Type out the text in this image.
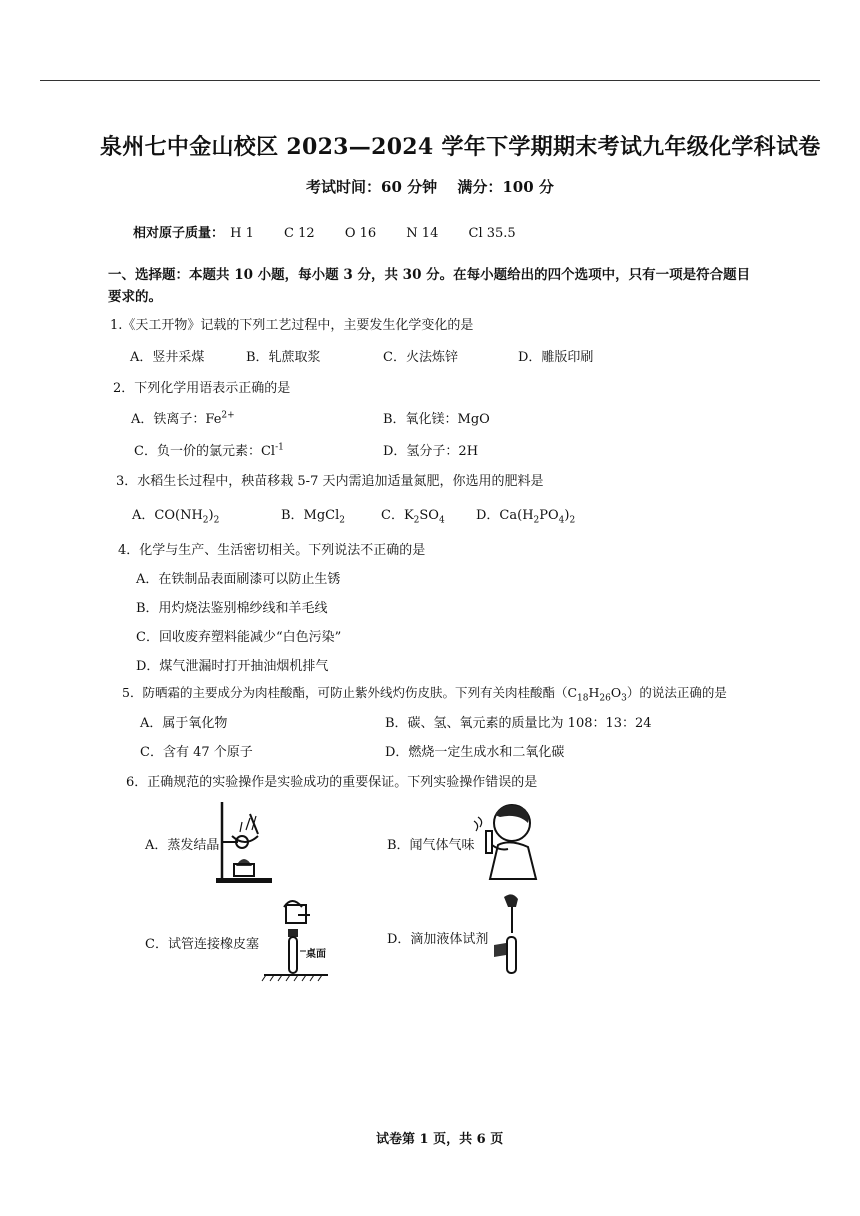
泉州七中金山校区 2023—2024 学年下学期期末考试九年级化学科试卷
考试时间：60 分钟　 满分：100 分
相对原子质量： H 1 C 12 O 16 N 14 Cl 35.5
一、选择题：本题共 10 小题，每小题 3 分，共 30 分。在每小题给出的四个选项中，只有一项是符合题目要求的。
1.《天工开物》记载的下列工艺过程中，主要发生化学变化的是
A．竖井采煤	B．轧蔗取浆	C．火法炼锌	D．雕版印刷
2．下列化学用语表示正确的是
A．铁离子：$Fe^{2+}$	B．氧化镁：MgO
C．负一价的氯元素：$Cl^{-1}$	D．氢分子：2H
3．水稻生长过程中，秧苗移栽 5-7 天内需追加适量氮肥，你选用的肥料是
A．$CO(NH_2)_2$	B．MgCl$_2$	C．$K_2SO_4$ D．$Ca(H_2PO_4)_2$
4．化学与生产、生活密切相关。下列说法不正确的是
A．在铁制品表面刷漆可以防止生锈
B．用灼烧法鉴别棉纱线和羊毛线
C．回收废弃塑料能减少“白色污染”
D．煤气泄漏时打开抽油烟机排气
5．防晒霜的主要成分为肉桂酸酯，可防止紫外线灼伤皮肤。下列有关肉桂酸酯$(C_{18}H_{26}O_3)$的说法正确的是
A．属于氧化物	B．碳、氢、氧元素的质量比为 108：13：24
C．含有 47 个原子	D．燃烧一定生成水和二氧化碳
6．正确规范的实验操作是实验成功的重要保证。下列实验操作错误的是
A．蒸发结晶	B．闻气体气味
C．试管连接橡皮塞	D．滴加液体试剂
桌面
试卷第 1 页，共 6 页
